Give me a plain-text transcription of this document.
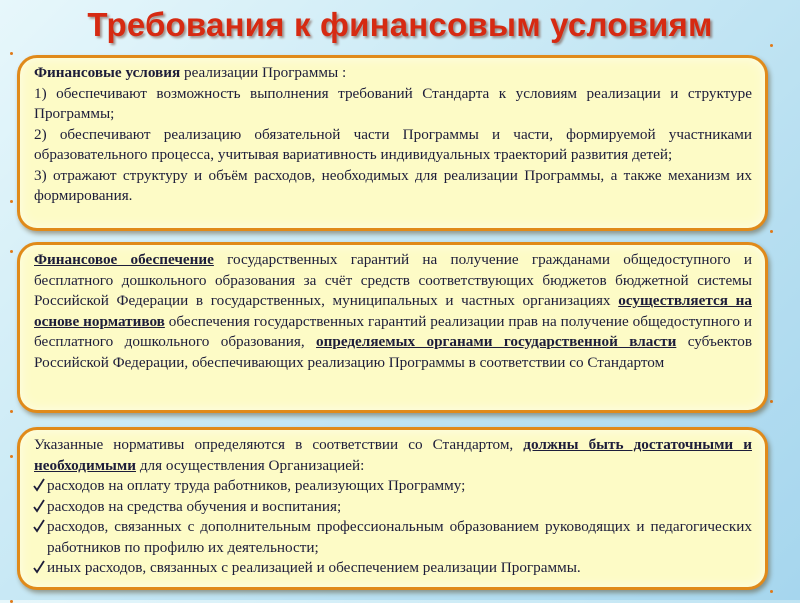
Требования к финансовым условиям

Финансовые условия реализации Программы :

1) обеспечивают возможность выполнения требований Стандарта к условиям реализации и структуре Программы;

2) обеспечивают реализацию обязательной части Программы и части, формируемой участниками образовательного процесса, учитывая вариативность индивидуальных траекторий развития детей;

3) отражают структуру и объём расходов, необходимых для реализации Программы, а также механизм их формирования.

Финансовое обеспечение государственных гарантий на получение гражданами общедоступного и бесплатного дошкольного образования за счёт средств соответствующих бюджетов бюджетной системы Российской Федерации в государственных, муниципальных и частных организациях осуществляется на основе нормативов обеспечения государственных гарантий реализации прав на получение общедоступного и бесплатного дошкольного образования, определяемых органами государственной власти субъектов Российской Федерации, обеспечивающих реализацию Программы в соответствии со Стандартом

Указанные нормативы определяются в соответствии со Стандартом, должны быть достаточными и необходимыми для осуществления Организацией:

расходов на оплату труда работников, реализующих Программу;

расходов на средства обучения и воспитания;

расходов, связанных с дополнительным профессиональным образованием руководящих и педагогических работников по профилю их деятельности;

иных расходов, связанных с реализацией и обеспечением реализации Программы.
